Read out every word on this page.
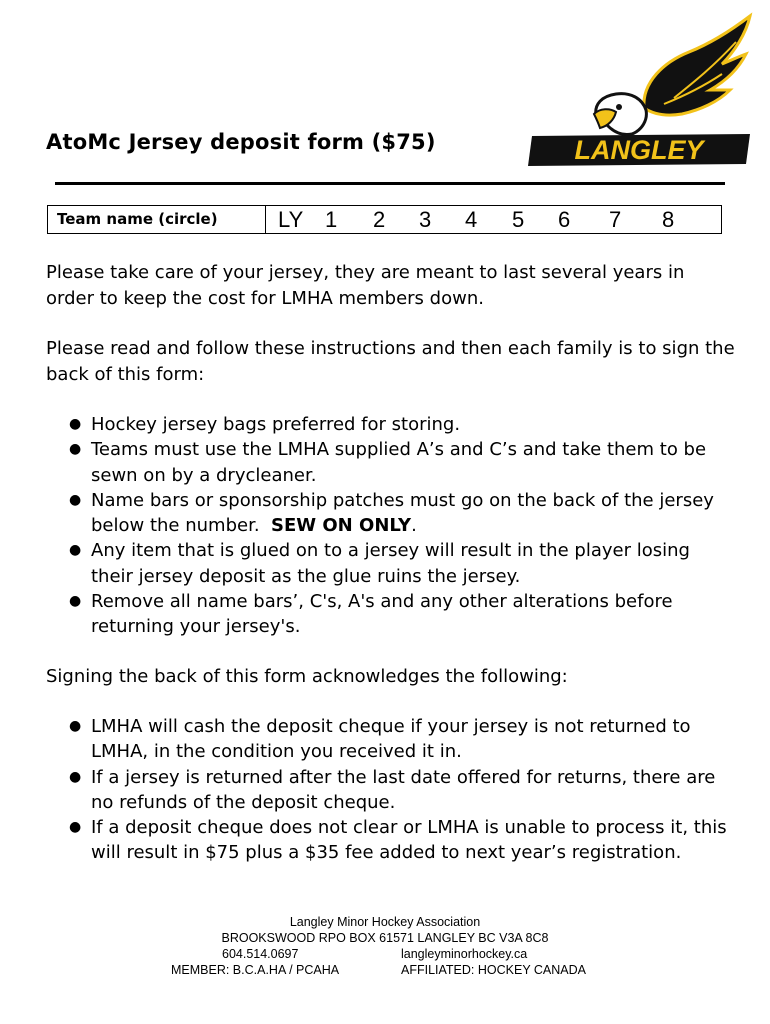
AtoMc Jersey deposit form ($75)	LANGLEY
Team name (circle)	LY 1 2 3 4 5 6 7 8
Please take care of your jersey, they are meant to last several years in order to keep the cost for LMHA members down.
Please read and follow these instructions and then each family is to sign the back of this form:
● Hockey jersey bags preferred for storing.
● Teams must use the LMHA supplied A’s and C’s and take them to be sewn on by a drycleaner.
● Name bars or sponsorship patches must go on the back of the jersey below the number. SEW ON ONLY.
● Any item that is glued on to a jersey will result in the player losing their jersey deposit as the glue ruins the jersey.
● Remove all name bars’, C's, A's and any other alterations before returning your jersey's.
Signing the back of this form acknowledges the following:
● LMHA will cash the deposit cheque if your jersey is not returned to LMHA, in the condition you received it in.
● If a jersey is returned after the last date offered for returns, there are no refunds of the deposit cheque.
● If a deposit cheque does not clear or LMHA is unable to process it, this will result in $75 plus a $35 fee added to next year’s registration.
Langley Minor Hockey Association
BROOKSWOOD RPO BOX 61571 LANGLEY BC V3A 8C8
604.514.0697	langleyminorhockey.ca
MEMBER: B.C.A.HA / PCAHA	AFFILIATED: HOCKEY CANADA
